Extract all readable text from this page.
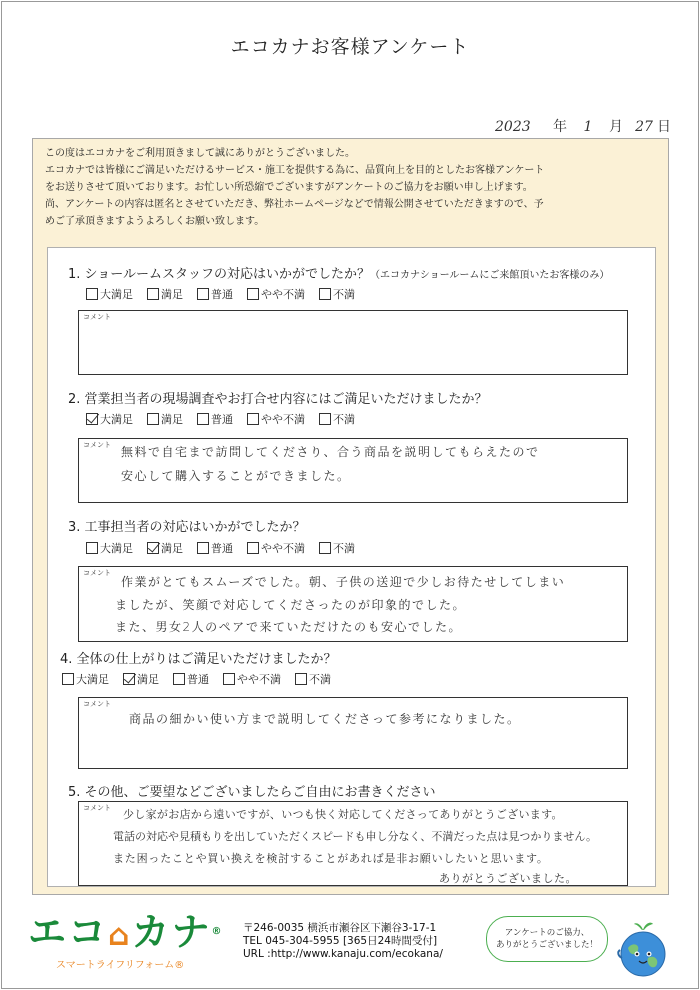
エコカナお客様アンケート
2023 年 1 月 27 日
この度はエコカナをご利用頂きまして誠にありがとうございました。
エコカナでは皆様にご満足いただけるサービス・施工を提供する為に、品質向上を目的としたお客様アンケート
をお送りさせて頂いております。お忙しい所恐縮でございますがアンケートのご協力をお願い申し上げます。
尚、アンケートの内容は匿名とさせていただき、弊社ホームページなどで情報公開させていただきますので、予
めご了承頂きますようよろしくお願い致します。
1. ショールームスタッフの対応はいかがでしたか？（エコカナショールームにご来館頂いたお客様のみ）
大満足	満足	普通	やや不満	不満
コメント
2. 営業担当者の現場調査やお打合せ内容にはご満足いただけましたか？
大満足	満足	普通	やや不満	不満
コメント 無料で自宅まで訪問してくださり、合う商品を説明してもらえたので
安心して購入することができました。
3. 工事担当者の対応はいかがでしたか？
大満足	満足	普通	やや不満	不満
コメント
作業がとてもスムーズでした。朝、子供の送迎で少しお待たせしてしまい
ましたが、笑顔で対応してくださったのが印象的でした。
また、男女2人のペアで来ていただけたのも安心でした。
4. 全体の仕上がりはご満足いただけましたか？
大満足	満足	普通	やや不満	不満
コメント
商品の細かい使い方まで説明してくださって参考になりました。
5. その他、ご要望などございましたらご自由にお書きください
コメント 少し家がお店から遠いですが、いつも快く対応してくださってありがとうございます。
電話の対応や見積もりを出していただくスピードも申し分なく、不満だった点は見つかりません。
また困ったことや買い換えを検討することがあれば是非お願いしたいと思います。
ありがとうございました。
エコ⌂カナ®
スマートライフリフォーム®
〒246-0035 横浜市瀬谷区下瀬谷3-17-1
TEL 045-304-5955 [365日24時間受付]
URL :http://www.kanaju.com/ecokana/
アンケートのご協力、
ありがとうございました！
